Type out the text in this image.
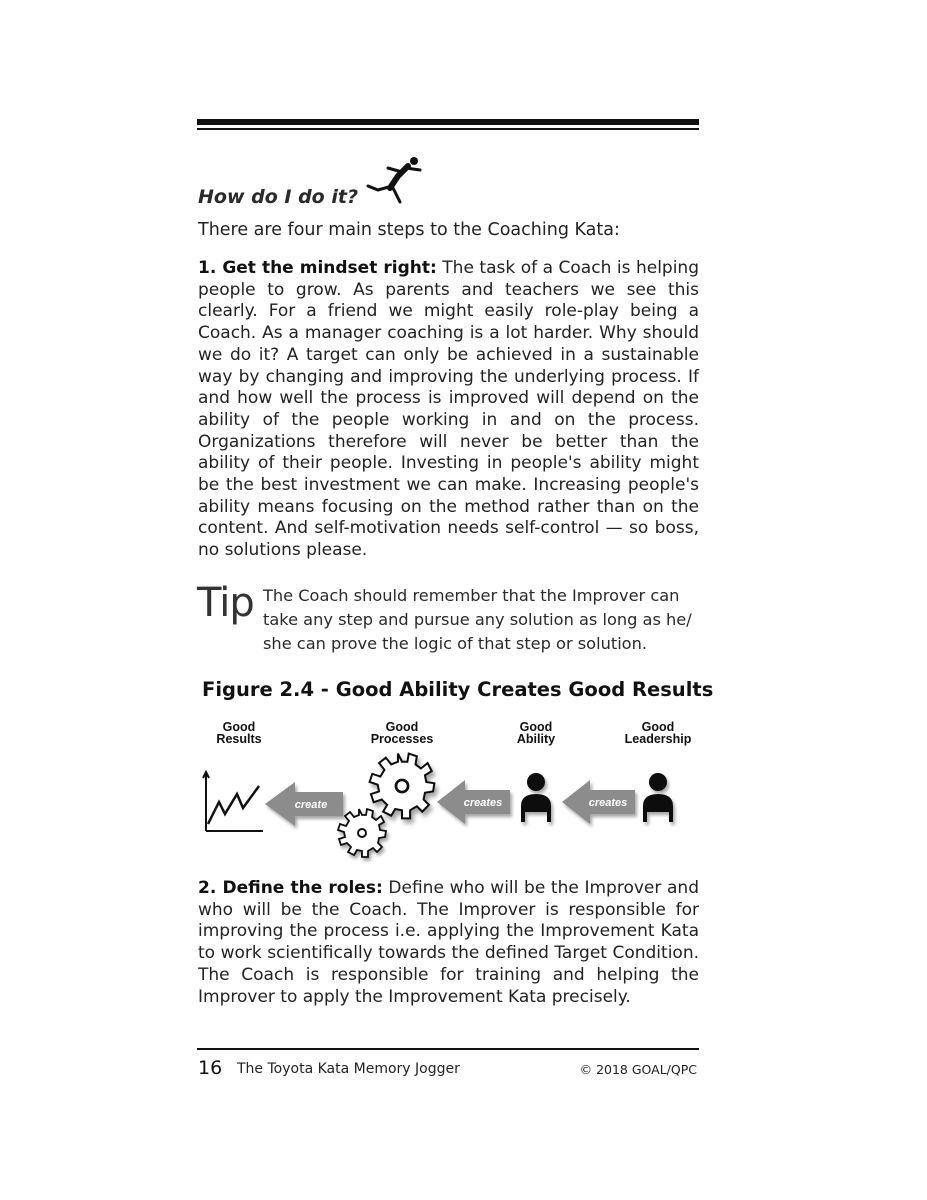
How do I do it?
There are four main steps to the Coaching Kata:
1. Get the mindset right: The task of a Coach is helping people to grow. As parents and teachers we see this clearly. For a friend we might easily role-play being a Coach. As a manager coaching is a lot harder. Why should we do it? A target can only be achieved in a sustainable way by changing and improving the underlying process. If and how well the process is improved will depend on the ability of the people working in and on the process. Organizations therefore will never be better than the ability of their people. Investing in people's ability might be the best investment we can make. Increasing people's ability means focusing on the method rather than on the content. And self-motivation needs self-control — so boss, no solutions please.
Tip The Coach should remember that the Improver can take any step and pursue any solution as long as he/ she can prove the logic of that step or solution.
Figure 2.4 - Good Ability Creates Good Results
Good
Results
Good
Processes
Good
Ability
Good
Leadership
create	creates	creates
2. Define the roles: Define who will be the Improver and who will be the Coach. The Improver is responsible for improving the process i.e. applying the Improvement Kata to work scientifically towards the defined Target Condition. The Coach is responsible for training and helping the Improver to apply the Improvement Kata precisely.
16 The Toyota Kata Memory Jogger	© 2018 GOAL/QPC
